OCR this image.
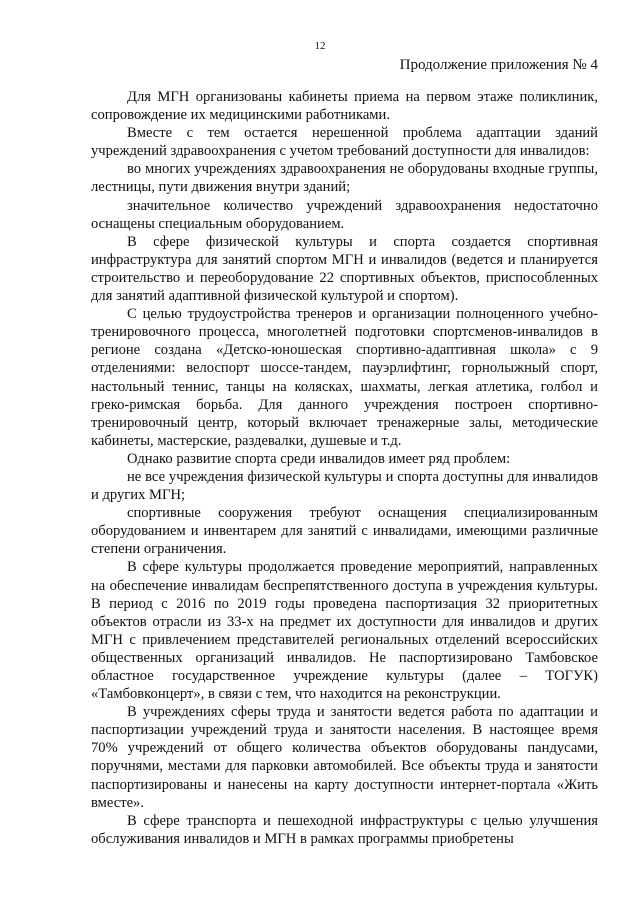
12
Продолжение приложения № 4

Для МГН организованы кабинеты приема на первом этаже поликлиник, сопровождение их медицинскими работниками.

Вместе с тем остается нерешенной проблема адаптации зданий учреждений здравоохранения с учетом требований доступности для инвалидов:

во многих учреждениях здравоохранения не оборудованы входные группы, лестницы, пути движения внутри зданий;

значительное количество учреждений здравоохранения недостаточно оснащены специальным оборудованием.

В сфере физической культуры и спорта создается спортивная инфраструктура для занятий спортом МГН и инвалидов (ведется и планируется строительство и переоборудование 22 спортивных объектов, приспособленных для занятий адаптивной физической культурой и спортом).

С целью трудоустройства тренеров и организации полноценного учебно-тренировочного процесса, многолетней подготовки спортсменов-инвалидов в регионе создана «Детско-юношеская спортивно-адаптивная школа» с 9 отделениями: велоспорт шоссе-тандем, пауэрлифтинг, горнолыжный спорт, настольный теннис, танцы на колясках, шахматы, легкая атлетика, голбол и греко-римская борьба. Для данного учреждения построен спортивно-тренировочный центр, который включает тренажерные залы, методические кабинеты, мастерские, раздевалки, душевые и т.д.

Однако развитие спорта среди инвалидов имеет ряд проблем:

не все учреждения физической культуры и спорта доступны для инвалидов и других МГН;

спортивные сооружения требуют оснащения специализированным оборудованием и инвентарем для занятий с инвалидами, имеющими различные степени ограничения.

В сфере культуры продолжается проведение мероприятий, направленных на обеспечение инвалидам беспрепятственного доступа в учреждения культуры. В период с 2016 по 2019 годы проведена паспортизация 32 приоритетных объектов отрасли из 33-х на предмет их доступности для инвалидов и других МГН с привлечением представителей региональных отделений всероссийских общественных организаций инвалидов. Не паспортизировано Тамбовское областное государственное учреждение культуры (далее – ТОГУК) «Тамбовконцерт», в связи с тем, что находится на реконструкции.

В учреждениях сферы труда и занятости ведется работа по адаптации и паспортизации учреждений труда и занятости населения. В настоящее время 70% учреждений от общего количества объектов оборудованы пандусами, поручнями, местами для парковки автомобилей. Все объекты труда и занятости паспортизированы и нанесены на карту доступности интернет-портала «Жить вместе».

В сфере транспорта и пешеходной инфраструктуры с целью улучшения обслуживания инвалидов и МГН в рамках программы приобретены
